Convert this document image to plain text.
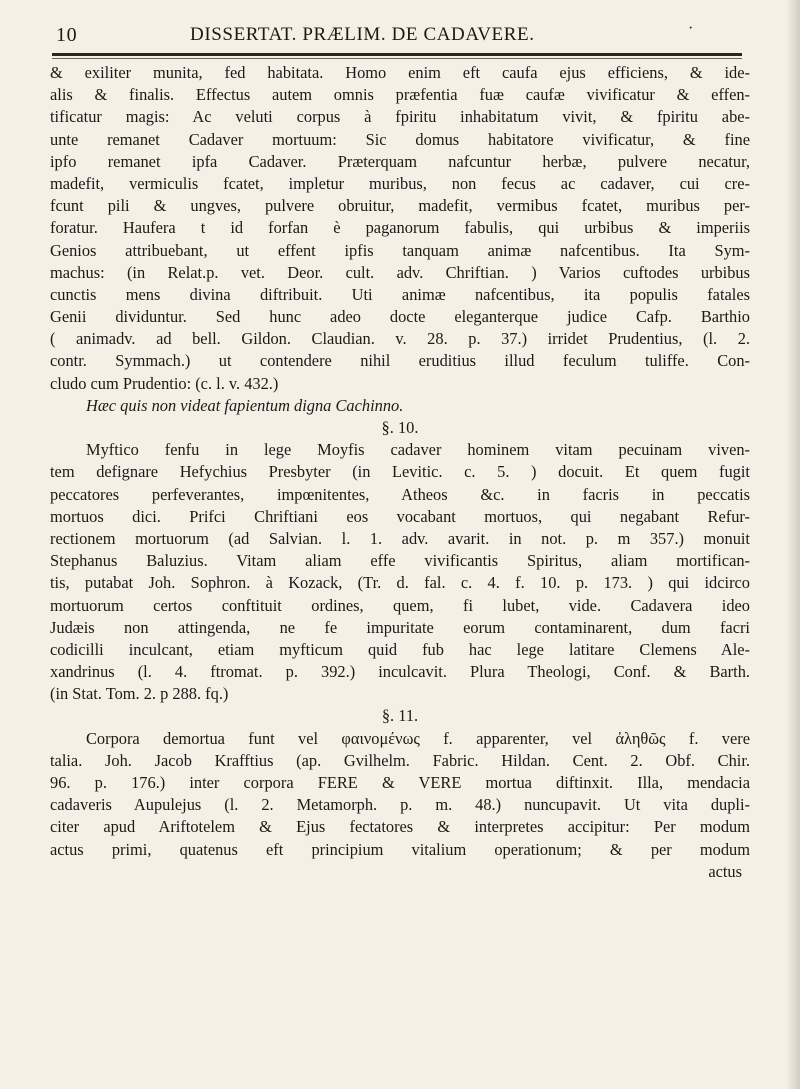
10	DISSERTAT. PRÆLIM. DE CADAVERE.	·
& exiliter munita, fed habitata. Homo enim eft caufa ejus efficiens, & ide-
alis & finalis. Effectus autem omnis præfentia fuæ caufæ vivificatur & effen-
tificatur magis: Ac veluti corpus à fpiritu inhabitatum vivit, & fpiritu abe-
unte remanet Cadaver mortuum: Sic domus habitatore vivificatur, & fine
ipfo remanet ipfa Cadaver. Præterquam nafcuntur herbæ, pulvere necatur,
madefit, vermiculis fcatet, impletur muribus, non fecus ac cadaver, cui cre-
fcunt pili & ungves, pulvere obruitur, madefit, vermibus fcatet, muribus per-
foratur. Haufera t id forfan è paganorum fabulis, qui urbibus & imperiis
Genios attribuebant, ut effent ipfis tanquam animæ nafcentibus. Ita Sym-
machus: (in Relat.p. vet. Deor. cult. adv. Chriftian. ) Varios cuftodes urbibus
cunctis mens divina diftribuit. Uti animæ nafcentibus, ita populis fatales
Genii dividuntur. Sed hunc adeo docte eleganterque judice Cafp. Barthio
( animadv. ad bell. Gildon. Claudian. v. 28. p. 37.) irridet Prudentius, (l. 2.
contr. Symmach.) ut contendere nihil eruditius illud feculum tuliffe. Con-
cludo cum Prudentio: (c. l. v. 432.)
Hæc quis non videat fapientum digna Cachinno.
§. 10.
Myftico fenfu in lege Moyfis cadaver hominem vitam pecuinam viven-
tem defignare Hefychius Presbyter (in Levitic. c. 5. ) docuit. Et quem fugit
peccatores perfeverantes, impœnitentes, Atheos &c. in facris in peccatis
mortuos dici. Prifci Chriftiani eos vocabant mortuos, qui negabant Refur-
rectionem mortuorum (ad Salvian. l. 1. adv. avarit. in not. p. m 357.) monuit
Stephanus Baluzius. Vitam aliam effe vivificantis Spiritus, aliam mortifican-
tis, putabat Joh. Sophron. à Kozack, (Tr. d. fal. c. 4. f. 10. p. 173. ) qui idcirco
mortuorum certos conftituit ordines, quem, fi lubet, vide. Cadavera ideo
Judæis non attingenda, ne fe impuritate eorum contaminarent, dum facri
codicilli inculcant, etiam myfticum quid fub hac lege latitare Clemens Ale-
xandrinus (l. 4. ftromat. p. 392.) inculcavit. Plura Theologi, Conf. & Barth.
(in Stat. Tom. 2. p 288. fq.)
§. 11.
Corpora demortua funt vel φαινομένως f. apparenter, vel ἀληθῶς f. vere
talia. Joh. Jacob Krafftius (ap. Gvilhelm. Fabric. Hildan. Cent. 2. Obf. Chir.
96. p. 176.) inter corpora FERE & VERE mortua diftinxit. Illa, mendacia
cadaveris Aupulejus (l. 2. Metamorph. p. m. 48.) nuncupavit. Ut vita dupli-
citer apud Ariftotelem & Ejus fectatores & interpretes accipitur: Per modum
actus primi, quatenus eft principium vitalium operationum; & per modum
actus
